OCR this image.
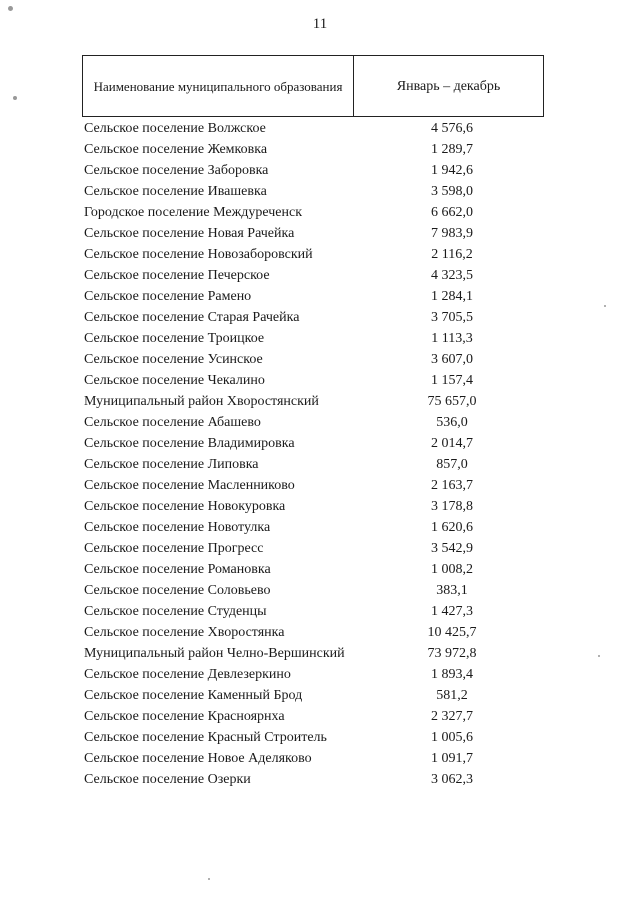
11
Наименование муниципального образования	Январь – декабрь
Сельское поселение Волжское	4 576,6
Сельское поселение Жемковка	1 289,7
Сельское поселение Заборовка	1 942,6
Сельское поселение Ивашевка	3 598,0
Городское поселение Междуреченск	6 662,0
Сельское поселение Новая Рачейка	7 983,9
Сельское поселение Новозаборовский	2 116,2
Сельское поселение Печерское	4 323,5
Сельское поселение Рамено	1 284,1
Сельское поселение Старая Рачейка	3 705,5
Сельское поселение Троицкое	1 113,3
Сельское поселение Усинское	3 607,0
Сельское поселение Чекалино	1 157,4
Муниципальный район Хворостянский	75 657,0
Сельское поселение Абашево	536,0
Сельское поселение Владимировка	2 014,7
Сельское поселение Липовка	857,0
Сельское поселение Масленниково	2 163,7
Сельское поселение Новокуровка	3 178,8
Сельское поселение Новотулка	1 620,6
Сельское поселение Прогресс	3 542,9
Сельское поселение Романовка	1 008,2
Сельское поселение Соловьево	383,1
Сельское поселение Студенцы	1 427,3
Сельское поселение Хворостянка	10 425,7
Муниципальный район Челно-Вершинский	73 972,8
Сельское поселение Девлезеркино	1 893,4
Сельское поселение Каменный Брод	581,2
Сельское поселение Красноярнха	2 327,7
Сельское поселение Красный Строитель	1 005,6
Сельское поселение Новое Аделяково	1 091,7
Сельское поселение Озерки	3 062,3
